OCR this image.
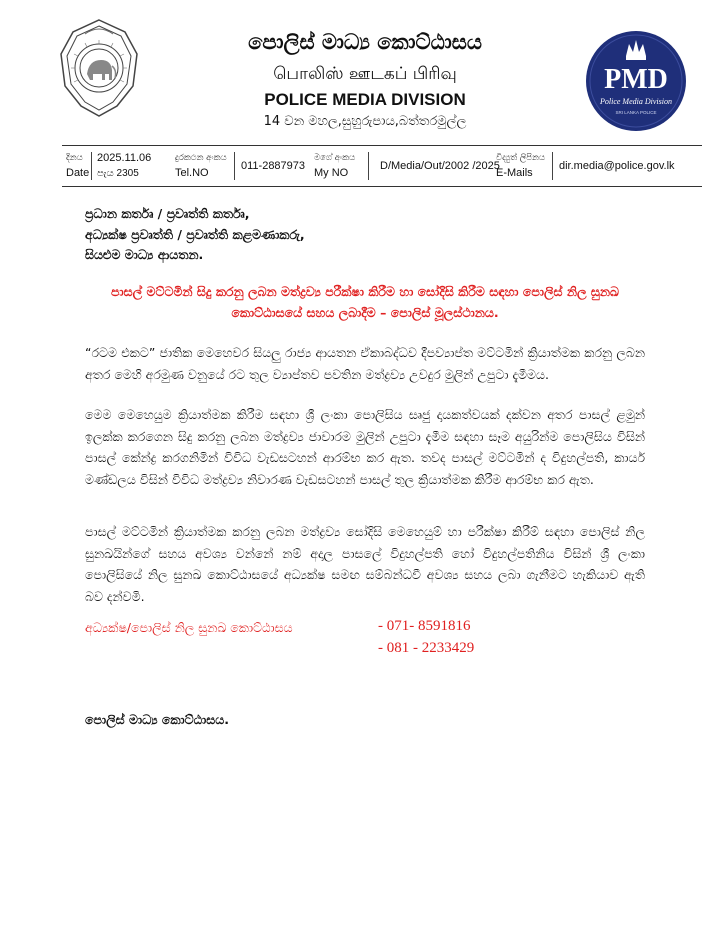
පොලිස් මාධ්‍ය කොට්ඨාසය
பொலிஸ் ஊடகப் பிரிவு
POLICE MEDIA DIVISION
14 වන මහල,සුහුරුපාය,බත්තරමුල්ල
PMD
Police Media Division
SRI LANKA POLICE
දිනය
Date
2025.11.06
පැය 2305
දුරකථන අංකය
Tel.NO
011-2887973
මගේ අංකය
My NO
D/Media/Out/2002 /2025
විද්‍යුත් ලිපිනය
E-Mails
dir.media@police.gov.lk
ප්‍රධාන කර්තෘ / ප්‍රවෘත්ති කර්තෘ,
අධ්‍යක්ෂ ප්‍රවෘත්ති / ප්‍රවෘත්ති කළමණාකරු,
සියළුම මාධ්‍ය ආයතන.
පාසල් මට්ටමින් සිදු කරනු ලබන මත්ද්‍රව්‍ය පරීක්ෂා කිරීම හා සෝදිසි කිරීම සඳහා පොලිස් නිල සුනඛ කොට්ඨාසයේ සහය ලබාදීම – පොලිස් මූලස්ථානය.
“රටම එකට” ජාතික මෙහෙවර සියලු රාජ්‍ය ආයතන ඒකාබද්ධව දීපව්‍යාප්ත මට්ටමින් ක්‍රියාත්මක කරනු ලබන අතර මෙහි අරමුණ වනුයේ රට තුල ව්‍යාප්තව පවතින මත්ද්‍රව්‍ය උවදුර මුලින් උපුටා දැමීමය.
මෙම මෙහෙයුම ක්‍රියාත්මක කිරීම සඳහා ශ්‍රී ලංකා පොලිසිය සෘජු දායකත්වයක් දක්වන අතර පාසල් ළමුන් ඉලක්ක කරගෙන සිදු කරනු ලබන මත්ද්‍රව්‍ය ජාවාරම මුලින් උපුටා දැමීම සඳහා සෑම අයුරින්ම පොලිසිය විසින් පාසල් කේන්ද්‍ර කරගනිමින් විවිධ වැඩසටහන් ආරම්භ කර ඇත. තවද පාසල් මට්ටමින් ද විදුහල්පති, කාර්ය මණ්ඩලය විසින් විවිධ මත්ද්‍රව්‍ය නිවාරණ වැඩසටහන් පාසල් තුල ක්‍රියාත්මක කිරීම ආරම්භ කර ඇත.
පාසල් මට්ටමින් ක්‍රියාත්මක කරනු ලබන මත්ද්‍රව්‍ය සෝදිසි මෙහෙයුම් හා පරීක්ෂා කිරීම් සඳහා පොලිස් නිල සුනඛයින්ගේ සහය අවශ්‍ය වන්නේ නම් අදාල පාසලේ විදුහල්පති හෝ විදුහල්පතිනිය විසින් ශ්‍රී ලංකා පොලිසියේ නිල සුනඛ කොට්ඨාසයේ අධ්‍යක්ෂ සමඟ සම්බන්ධවී අවශ්‍ය සහය ලබා ගැනීමට හැකියාව ඇති බව දන්වමි.
අධ්‍යක්ෂ/පොලිස් නිල සුනඛ කොට්ඨාසය	- 071- 8591816
- 081 - 2233429
පොලිස් මාධ්‍ය කොට්ඨාසය.
